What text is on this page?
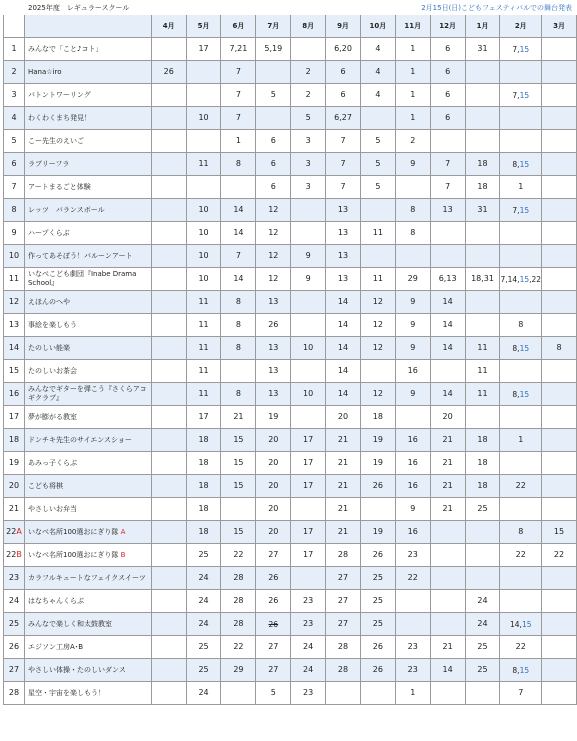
2025年度　レギュラースクール		2月15日(日)こどもフェスティバルでの舞台発表											
		4月	5月	6月	7月	8月	9月	10月	11月	12月	1月	2月	3月
1	みんなで「こと♪コト」		17	7,21	5,19		6,20	4	1	6	31	7,15	
2	Hana☆iro	26		7		2	6	4	1	6			
3	バトントワーリング			7	5	2	6	4	1	6		7,15	
4	わくわくまち発見！		10	7		5	6,27		1	6			
5	こー先生のえいご			1	6	3	7	5	2				
6	ラブリーフラ		11	8	6	3	7	5	9	7	18	8,15	
7	アートまるごと体験				6	3	7	5		7	18	1	
8	レッツ　バランスボール		10	14	12		13		8	13	31	7,15	
9	ハープくらぶ		10	14	12		13	11	8				
10	作ってあそぼう！バルーンアート		10	7	12	9	13						
11	いなべこども劇団『Inabe Drama School』		10	14	12	9	13	11	29	6,13	18,31	7,14,15,22	
12	えほんのへや		11	8	13		14	12	9	14			
13	事絵を楽しもう		11	8	26		14	12	9	14		8	
14	たのしい能楽		11	8	13	10	14	12	9	14	11	8,15	8
15	たのしいお茶会		11		13		14		16		11		
16	みんなでギターを弾こう『さくらアコギクラブ』		11	8	13	10	14	12	9	14	11	8,15	
17	夢が膨がる教室		17	21	19		20	18		20			
18	ドンチキ先生のサイエンスショー		18	15	20	17	21	19	16	21	18	1	
19	あみっ子くらぶ		18	15	20	17	21	19	16	21	18		
20	こども将棋		18	15	20	17	21	26	16	21	18	22	
21	やさしいお弁当		18		20		21		9	21	25		
22A	いなべ名所100選おにぎり隊 A		18	15	20	17	21	19	16			8	15
22B	いなべ名所100選おにぎり隊 B		25	22	27	17	28	26	23			22	22
23	カラフルキュートなフェイクスイーツ		24	28	26		27	25	22				
24	はなちゃんくらぶ		24	28	26	23	27	25			24		
25	みんなで楽しく和太鼓教室		24	28	26	23	27	25			24	14,15	
26	エジソン工房A･B		25	22	27	24	28	26	23	21	25	22	
27	やさしい体操・たのしいダンス		25	29	27	24	28	26	23	14	25	8,15	
28	星空・宇宙を楽しもう！		24		5	23			1			7	
